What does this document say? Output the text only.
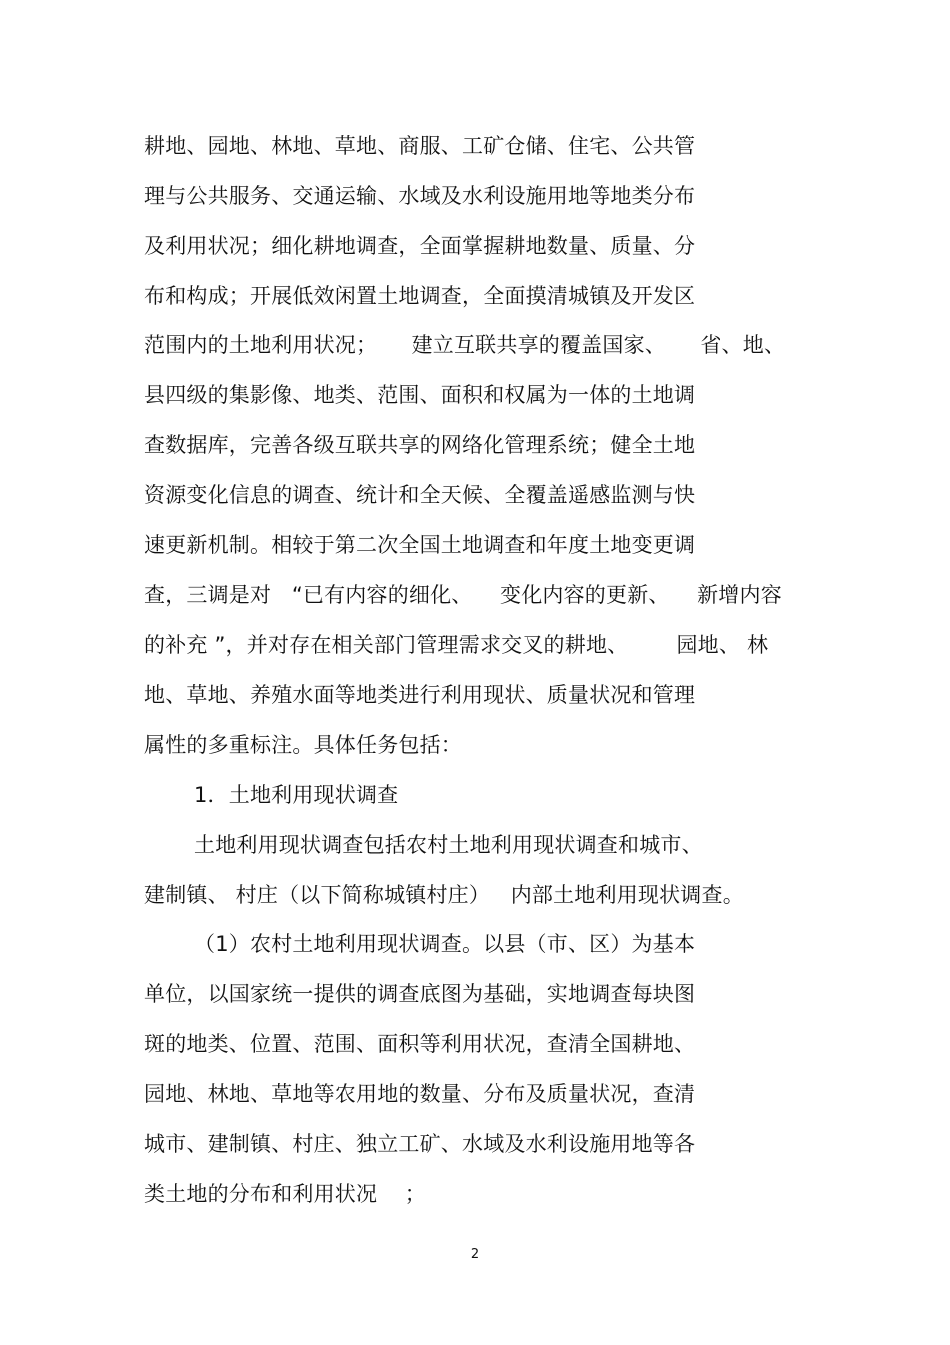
耕地、园地、林地、草地、商服、工矿仓储、住宅、公共管
理与公共服务、交通运输、水域及水利设施用地等地类分布
及利用状况；细化耕地调查，全面掌握耕地数量、质量、分
布和构成；开展低效闲置土地调查，全面摸清城镇及开发区
范围内的土地利用状况；     建立互联共享的覆盖国家、     省、地、
县四级的集影像、地类、范围、面积和权属为一体的土地调
查数据库，完善各级互联共享的网络化管理系统；健全土地
资源变化信息的调查、统计和全天候、全覆盖遥感监测与快
速更新机制。相较于第二次全国土地调查和年度土地变更调
查，三调是对   “已有内容的细化、    变化内容的更新、    新增内容
的补充 ”，并对存在相关部门管理需求交叉的耕地、       园地、 林
地、草地、养殖水面等地类进行利用现状、质量状况和管理
属性的多重标注。具体任务包括：
1．土地利用现状调查
土地利用现状调查包括农村土地利用现状调查和城市、
建制镇、 村庄（以下简称城镇村庄）   内部土地利用现状调查。
（1）农村土地利用现状调查。以县（市、区）为基本
单位，以国家统一提供的调查底图为基础，实地调查每块图
斑的地类、位置、范围、面积等利用状况，查清全国耕地、
园地、林地、草地等农用地的数量、分布及质量状况，查清
城市、建制镇、村庄、独立工矿、水域及水利设施用地等各
类土地的分布和利用状况    ；
2
